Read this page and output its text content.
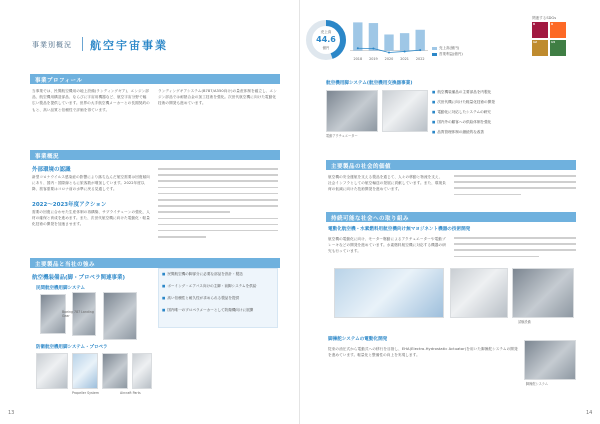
事業別概況 航空宇宙事業
事業プロフィール
当事業では、民間航空機用の地上設備(ランディングギア)、エンジン部品、航空機用構造部品、ならびに宇宙用機器など、航空宇宙分野で幅広い製品を提供しています。世界の大手航空機メーカーとの長期契約のもと、高い品質と信頼性で評価を得ています。
ランディングギアシステム(B787/A350向け)の量産体制を確立し、エンジン部品では耐熱合金の加工技術を強化。次世代航空機に向けた電動化技術の開発も進めています。
事業概況
外部環境の認識
新型コロナウイルス感染症の影響により落ち込んだ航空需要は回復傾向にあり、国内・国際線ともに旅客数が増加しています。2022年度以降、旅客需要はコロナ前の水準に戻る見通しです。
2022～2023年度アクション
需要の回復に合わせた生産体制の再構築、サプライチェーンの強化、人材の確保と育成を進めます。また、次世代航空機に向けた電動化・軽量化技術の開発を加速させます。
主要製品と当社の強み
航空機装備品(脚・プロペラ関連事業)
民間航空機用脚システム
Boeing 787 Landing Gear
防衛航空機用脚システム・プロペラ
Propeller System	Aircraft Parts
■ 民間航空機の脚部分に必要な部品を設計・製造
■ ボーイング・エアバス向けの主脚・前脚システムを供給
■ 高い信頼性と耐久性が求められる製品を提供
■ 国内唯一のプロペラメーカーとして防衛機向けに展開
13
売上高
44.6
億円
2018 2019 2020 2021 2022
売上高(億円)
営業利益(億円)
関連するSDGs
8	9
12	13
航空機用脚システム(航空機用交換器事業)
電動アクチュエーター
■ 航空機装備品の主要部品を内製化
■ 次世代機に向けた軽量化技術の開発
■ 電動化に対応したシステムの研究
■ 国内外の顧客への供給体制を強化
■ 品質管理体制の継続的な改善
主要製品の社会的価値
航空機の安全運航を支える製品を通じて、人々の移動と物流を支え、社会インフラとしての航空輸送の発展に貢献しています。また、環境負荷の低減に向けた技術開発を進めています。
持続可能な社会への取り組み
電動化航空機・水素燃料用航空機向け無マヨジネント機器の技術開発
航空機の電動化に向け、モーター駆動によるアクチュエーターや電動ブレーキなどの開発を進めています。水素燃料航空機に対応する機器の研究も行っています。
試験設備
脚操舵システムの電動化開発
従来の油圧式から電動式への移行を目指し、EHA(Electro-Hydrostatic Actuator)を用いた脚操舵システムの開発を進めています。軽量化と整備性の向上を実現します。
脚操舵システム
14
